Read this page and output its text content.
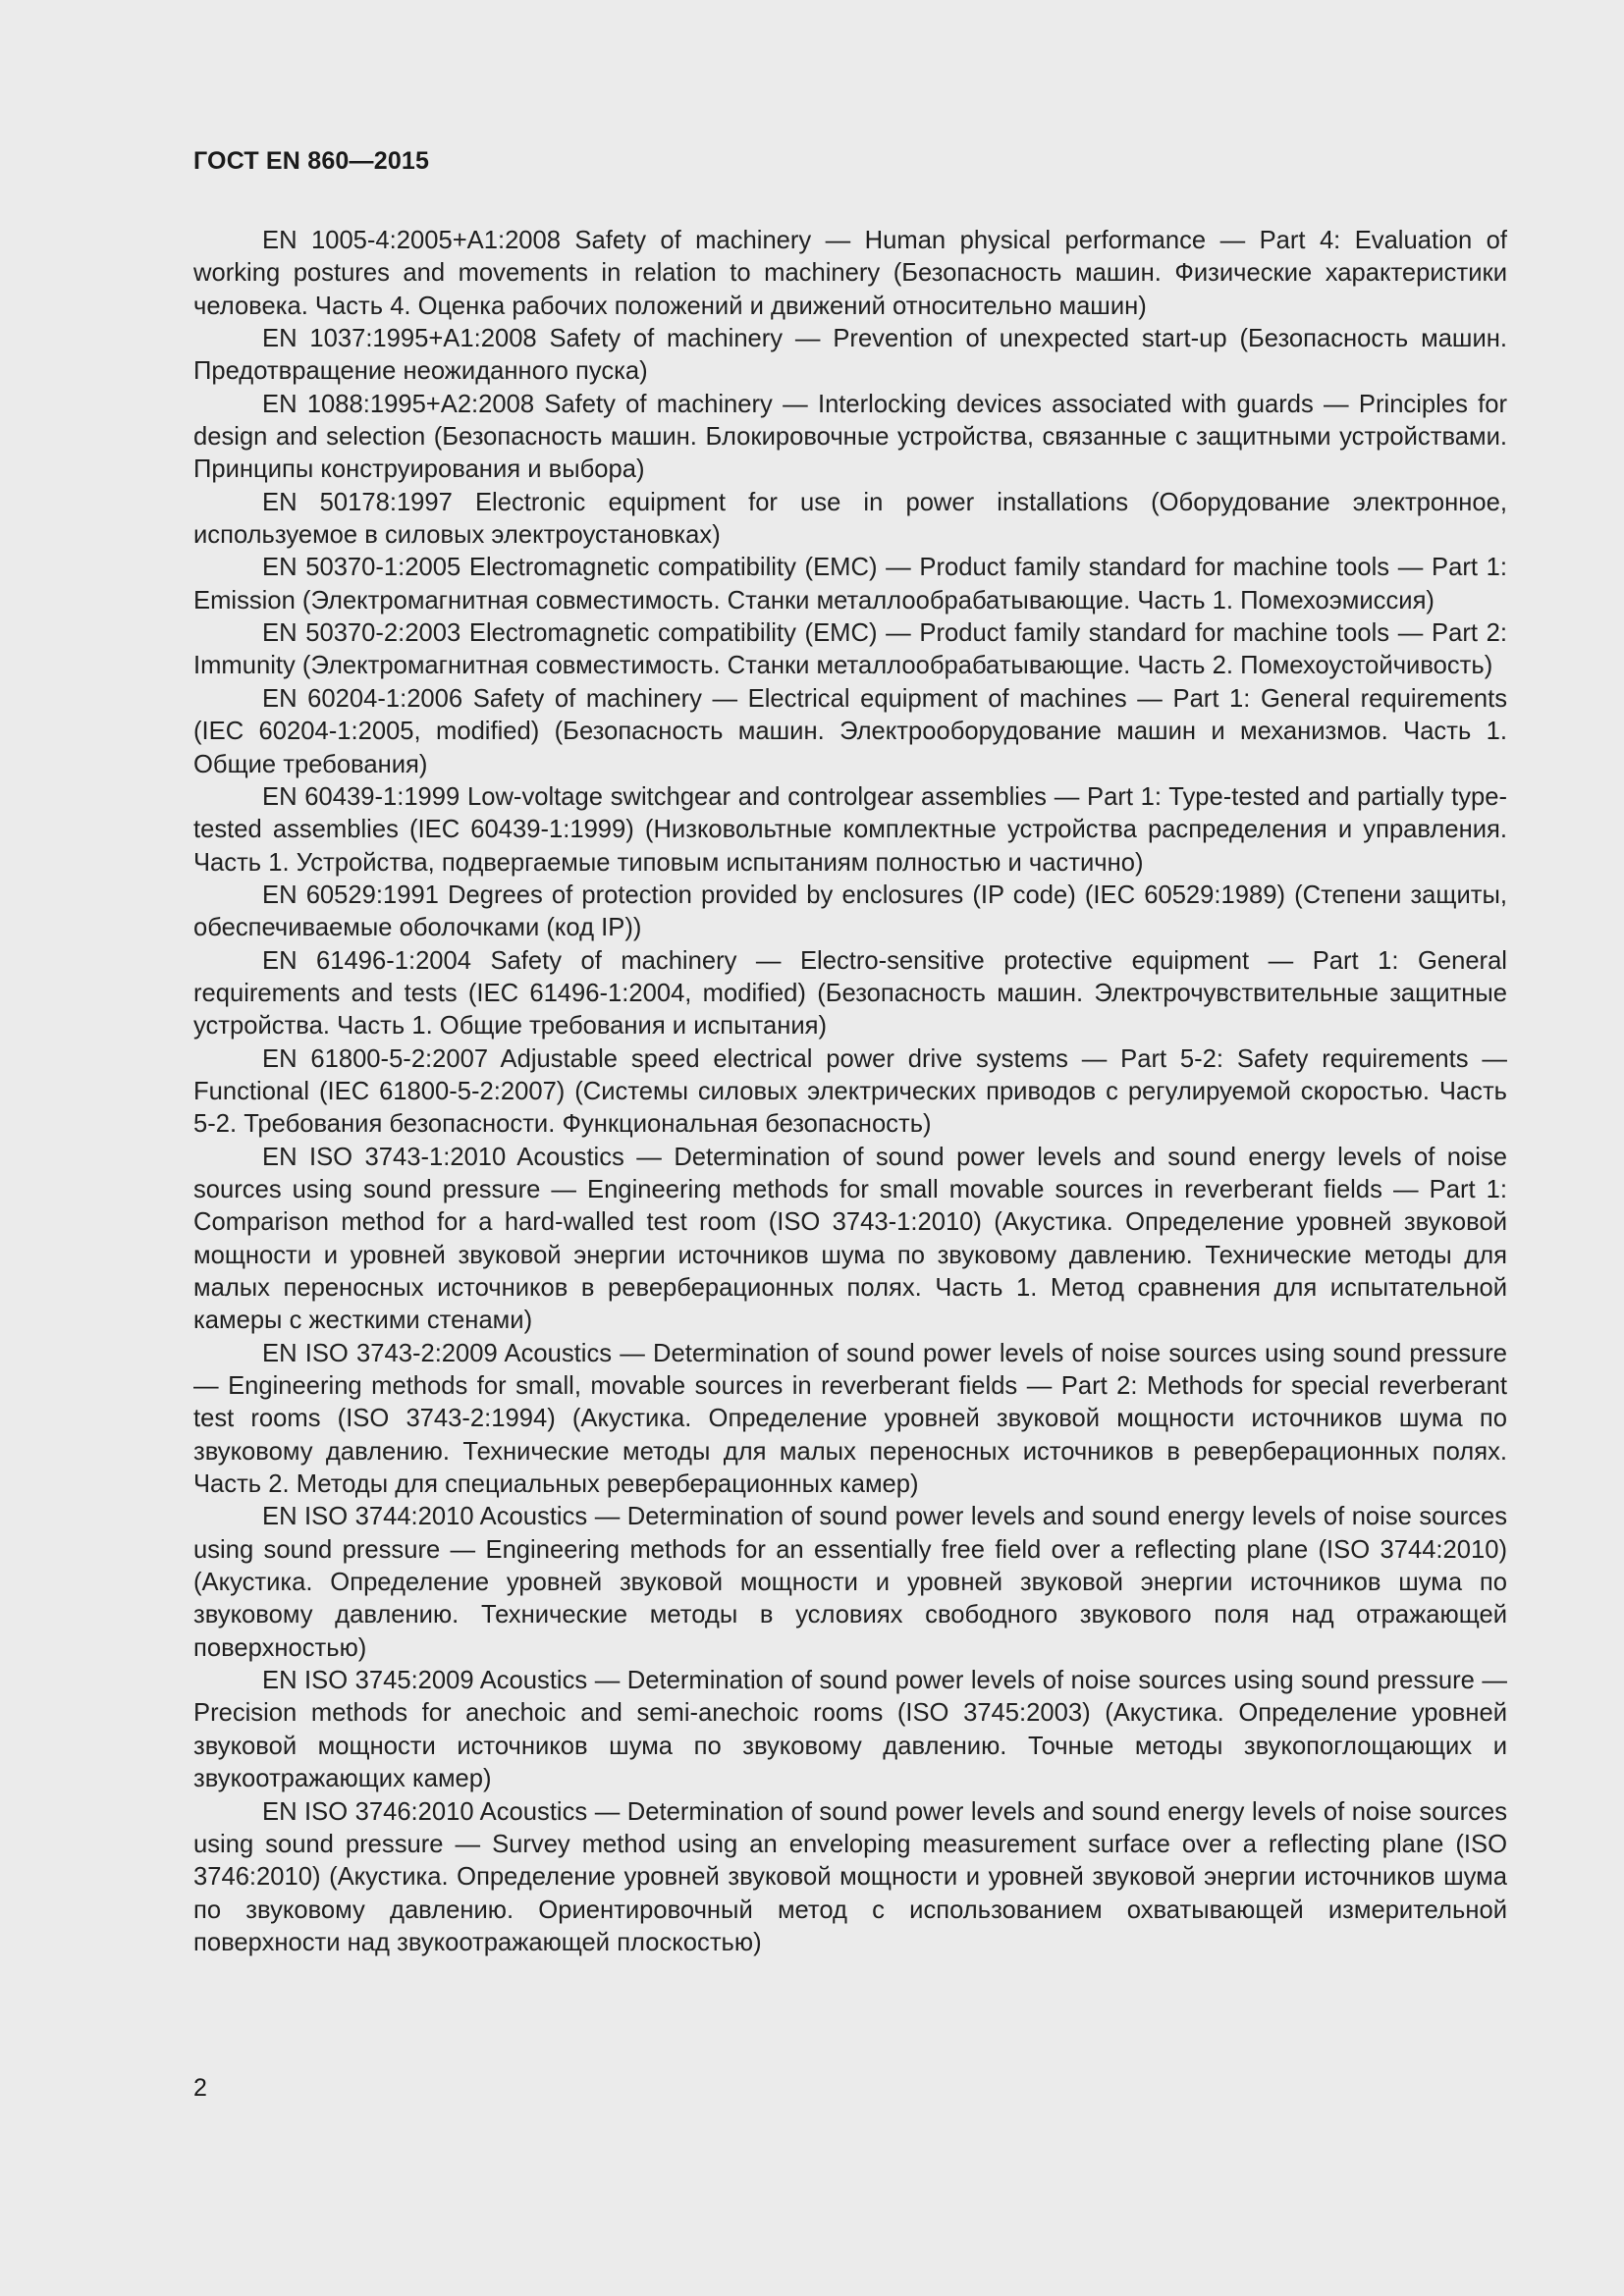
ГОСТ EN 860—2015

EN 1005-4:2005+A1:2008 Safety of machinery — Human physical performance — Part 4: Evaluation of working postures and movements in relation to machinery (Безопасность машин. Физические характеристики человека. Часть 4. Оценка рабочих положений и движений относительно машин)

EN 1037:1995+A1:2008 Safety of machinery — Prevention of unexpected start-up (Безопасность машин. Предотвращение неожиданного пуска)

EN 1088:1995+A2:2008 Safety of machinery — Interlocking devices associated with guards — Principles for design and selection (Безопасность машин. Блокировочные устройства, связанные с защитными устройствами. Принципы конструирования и выбора)

EN 50178:1997 Electronic equipment for use in power installations (Оборудование электронное, используемое в силовых электроустановках)

EN 50370-1:2005 Electromagnetic compatibility (EMC) — Product family standard for machine tools — Part 1: Emission (Электромагнитная совместимость. Станки металлообрабатывающие. Часть 1. Помехоэмиссия)

EN 50370-2:2003 Electromagnetic compatibility (EMC) — Product family standard for machine tools — Part 2: Immunity (Электромагнитная совместимость. Станки металлообрабатывающие. Часть 2. Помехоустойчивость)

EN 60204-1:2006 Safety of machinery — Electrical equipment of machines — Part 1: General requirements (IEC 60204-1:2005, modified) (Безопасность машин. Электрооборудование машин и механизмов. Часть 1. Общие требования)

EN 60439-1:1999 Low-voltage switchgear and controlgear assemblies — Part 1: Type-tested and partially type-tested assemblies (IEC 60439-1:1999) (Низковольтные комплектные устройства распределения и управления. Часть 1. Устройства, подвергаемые типовым испытаниям полностью и частично)

EN 60529:1991 Degrees of protection provided by enclosures (IP code) (IEC 60529:1989) (Степени защиты, обеспечиваемые оболочками (код IP))

EN 61496-1:2004 Safety of machinery — Electro-sensitive protective equipment — Part 1: General requirements and tests (IEC 61496-1:2004, modified) (Безопасность машин. Электрочувствительные защитные устройства. Часть 1. Общие требования и испытания)

EN 61800-5-2:2007 Adjustable speed electrical power drive systems — Part 5-2: Safety requirements — Functional (IEC 61800-5-2:2007) (Системы силовых электрических приводов с регулируемой скоростью. Часть 5-2. Требования безопасности. Функциональная безопасность)

EN ISO 3743-1:2010 Acoustics — Determination of sound power levels and sound energy levels of noise sources using sound pressure — Engineering methods for small movable sources in reverberant fields — Part 1: Comparison method for a hard-walled test room (ISO 3743-1:2010) (Акустика. Определение уровней звуковой мощности и уровней звуковой энергии источников шума по звуковому давлению. Технические методы для малых переносных источников в реверберационных полях. Часть 1. Метод сравнения для испытательной камеры с жесткими стенами)

EN ISO 3743-2:2009 Acoustics — Determination of sound power levels of noise sources using sound pressure — Engineering methods for small, movable sources in reverberant fields — Part 2: Methods for special reverberant test rooms (ISO 3743-2:1994) (Акустика. Определение уровней звуковой мощности источников шума по звуковому давлению. Технические методы для малых переносных источников в реверберационных полях. Часть 2. Методы для специальных реверберационных камер)

EN ISO 3744:2010 Acoustics — Determination of sound power levels and sound energy levels of noise sources using sound pressure — Engineering methods for an essentially free field over a reflecting plane (ISO 3744:2010) (Акустика. Определение уровней звуковой мощности и уровней звуковой энергии источников шума по звуковому давлению. Технические методы в условиях свободного звукового поля над отражающей поверхностью)

EN ISO 3745:2009 Acoustics — Determination of sound power levels of noise sources using sound pressure — Precision methods for anechoic and semi-anechoic rooms (ISO 3745:2003) (Акустика. Определение уровней звуковой мощности источников шума по звуковому давлению. Точные методы звукопоглощающих и звукоотражающих камер)

EN ISO 3746:2010 Acoustics — Determination of sound power levels and sound energy levels of noise sources using sound pressure — Survey method using an enveloping measurement surface over a reflecting plane (ISO 3746:2010) (Акустика. Определение уровней звуковой мощности и уровней звуковой энергии источников шума по звуковому давлению. Ориентировочный метод с использованием охватывающей измерительной поверхности над звукоотражающей плоскостью)

2
